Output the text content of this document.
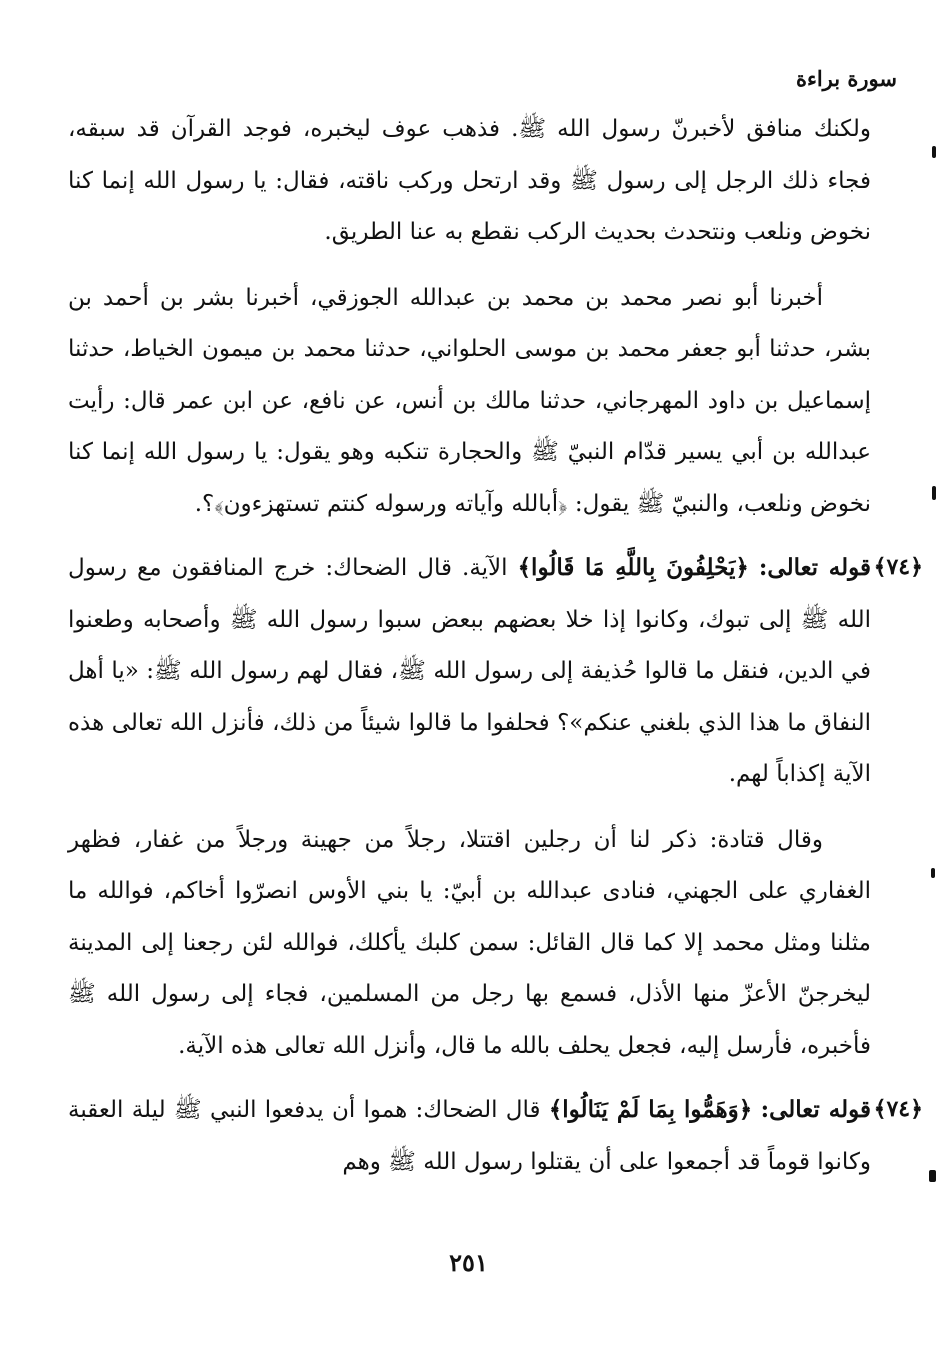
سورة براءة

ولكنك منافق لأخبرنّ رسول الله ﷺ. فذهب عوف ليخبره، فوجد القرآن قد سبقه، فجاء ذلك الرجل إلى رسول ﷺ وقد ارتحل وركب ناقته، فقال: يا رسول الله إنما كنا نخوض ونلعب ونتحدث بحديث الركب نقطع به عنا الطريق.

أخبرنا أبو نصر محمد بن محمد بن عبدالله الجوزقي، أخبرنا بشر بن أحمد بن بشر، حدثنا أبو جعفر محمد بن موسى الحلواني، حدثنا محمد بن ميمون الخياط، حدثنا إسماعيل بن داود المهرجاني، حدثنا مالك بن أنس، عن نافع، عن ابن عمر قال: رأيت عبدالله بن أبي يسير قدّام النبيّ ﷺ والحجارة تنكبه وهو يقول: يا رسول الله إنما كنا نخوض ونلعب، والنبيّ ﷺ يقول: ﴿أبالله وآياته ورسوله كنتم تستهزءون﴾؟.

﴿٧٤﴾

قوله تعالى: ﴿يَحْلِفُونَ بِاللَّهِ مَا قَالُوا﴾ الآية. قال الضحاك: خرج المنافقون مع رسول الله ﷺ إلى تبوك، وكانوا إذا خلا بعضهم ببعض سبوا رسول الله ﷺ وأصحابه وطعنوا في الدين، فنقل ما قالوا حُذيفة إلى رسول الله ﷺ، فقال لهم رسول الله ﷺ: «يا أهل النفاق ما هذا الذي بلغني عنكم»؟ فحلفوا ما قالوا شيئاً من ذلك، فأنزل الله تعالى هذه الآية إكذاباً لهم.

وقال قتادة: ذكر لنا أن رجلين اقتتلا، رجلاً من جهينة ورجلاً من غفار، فظهر الغفاري على الجهني، فنادى عبدالله بن أبيّ: يا بني الأوس انصرّوا أخاكم، فوالله ما مثلنا ومثل محمد إلا كما قال القائل: سمن كلبك يأكلك، فوالله لئن رجعنا إلى المدينة ليخرجنّ الأعزّ منها الأذل، فسمع بها رجل من المسلمين، فجاء إلى رسول الله ﷺ فأخبره، فأرسل إليه، فجعل يحلف بالله ما قال، وأنزل الله تعالى هذه الآية.

﴿٧٤﴾

قوله تعالى: ﴿وَهَمُّوا بِمَا لَمْ يَنَالُوا﴾ قال الضحاك: هموا أن يدفعوا النبي ﷺ ليلة العقبة وكانوا قوماً قد أجمعوا على أن يقتلوا رسول الله ﷺ وهم

٢٥١
